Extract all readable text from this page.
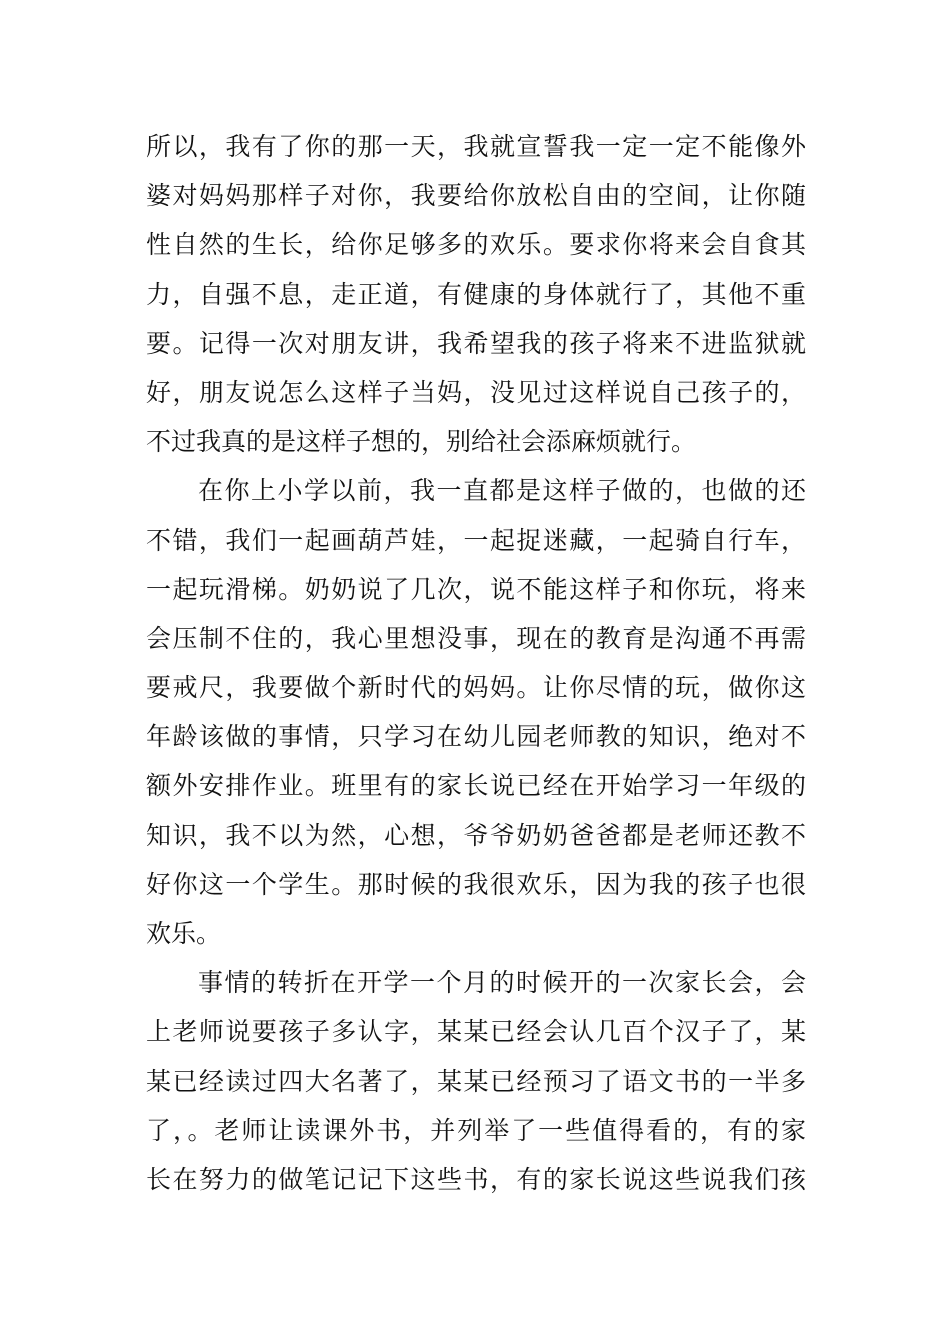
所以，我有了你的那一天，我就宣誓我一定一定不能像外
婆对妈妈那样子对你，我要给你放松自由的空间，让你随
性自然的生长，给你足够多的欢乐。要求你将来会自食其
力，自强不息，走正道，有健康的身体就行了，其他不重
要。记得一次对朋友讲，我希望我的孩子将来不进监狱就
好，朋友说怎么这样子当妈，没见过这样说自己孩子的，
不过我真的是这样子想的，别给社会添麻烦就行。
在你上小学以前，我一直都是这样子做的，也做的还
不错，我们一起画葫芦娃，一起捉迷藏，一起骑自行车，
一起玩滑梯。奶奶说了几次，说不能这样子和你玩，将来
会压制不住的，我心里想没事，现在的教育是沟通不再需
要戒尺，我要做个新时代的妈妈。让你尽情的玩，做你这
年龄该做的事情，只学习在幼儿园老师教的知识，绝对不
额外安排作业。班里有的家长说已经在开始学习一年级的
知识，我不以为然，心想，爷爷奶奶爸爸都是老师还教不
好你这一个学生。那时候的我很欢乐，因为我的孩子也很
欢乐。
事情的转折在开学一个月的时候开的一次家长会，会
上老师说要孩子多认字，某某已经会认几百个汉子了，某
某已经读过四大名著了，某某已经预习了语文书的一半多
了，。老师让读课外书，并列举了一些值得看的，有的家
长在努力的做笔记记下这些书，有的家长说这些说我们孩
